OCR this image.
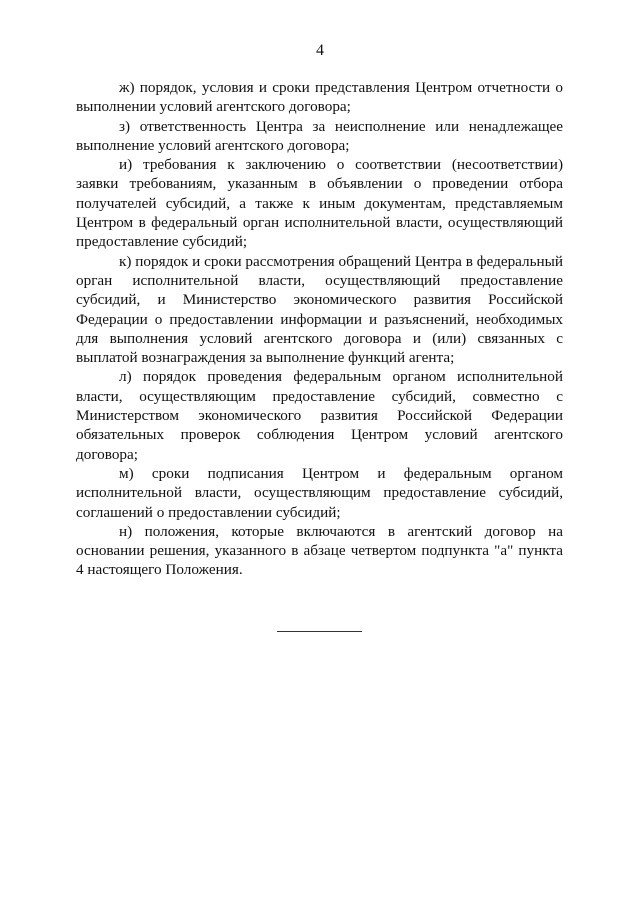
4

ж) порядок, условия и сроки представления Центром отчетности о выполнении условий агентского договора;

з) ответственность Центра за неисполнение или ненадлежащее выполнение условий агентского договора;

и) требования к заключению о соответствии (несоответствии) заявки требованиям, указанным в объявлении о проведении отбора получателей субсидий, а также к иным документам, представляемым Центром в федеральный орган исполнительной власти, осуществляющий предоставление субсидий;

к) порядок и сроки рассмотрения обращений Центра в федеральный орган исполнительной власти, осуществляющий предоставление субсидий, и Министерство экономического развития Российской Федерации о предоставлении информации и разъяснений, необходимых для выполнения условий агентского договора и (или) связанных с выплатой вознаграждения за выполнение функций агента;

л) порядок проведения федеральным органом исполнительной власти, осуществляющим предоставление субсидий, совместно с Министерством экономического развития Российской Федерации обязательных проверок соблюдения Центром условий агентского договора;

м) сроки подписания Центром и федеральным органом исполнительной власти, осуществляющим предоставление субсидий, соглашений о предоставлении субсидий;

н) положения, которые включаются в агентский договор на основании решения, указанного в абзаце четвертом подпункта "а" пункта 4 настоящего Положения.
